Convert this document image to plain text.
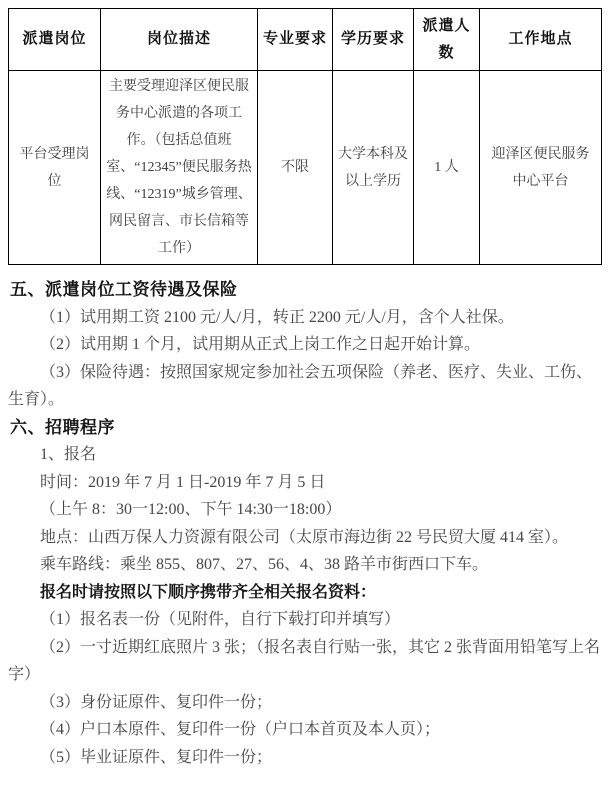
派遣岗位	岗位描述	专业要求	学历要求	派遣人数	工作地点
平台受理岗位	主要受理迎泽区便民服务中心派遣的各项工作。（包括总值班室、“12345”便民服务热线、“12319”城乡管理、网民留言、市长信箱等工作）	不限	大学本科及以上学历	1 人	迎泽区便民服务中心平台

五、派遣岗位工资待遇及保险

（1）试用期工资 2100 元/人/月，转正 2200 元/人/月，含个人社保。

（2）试用期 1 个月，试用期从正式上岗工作之日起开始计算。

（3）保险待遇：按照国家规定参加社会五项保险（养老、医疗、失业、工伤、生育）。

六、招聘程序

1、报名

时间：2019 年 7 月 1 日-2019 年 7 月 5 日

（上午 8：30一12:00、下午 14:30一18:00）

地点：山西万保人力资源有限公司（太原市海边街 22 号民贸大厦 414 室）。

乘车路线：乘坐 855、807、27、56、4、38 路羊市街西口下车。

报名时请按照以下顺序携带齐全相关报名资料：

（1）报名表一份（见附件，自行下载打印并填写）

（2）一寸近期红底照片 3 张；（报名表自行贴一张，其它 2 张背面用铅笔写上名字）

（3）身份证原件、复印件一份；

（4）户口本原件、复印件一份（户口本首页及本人页）；

（5）毕业证原件、复印件一份；
